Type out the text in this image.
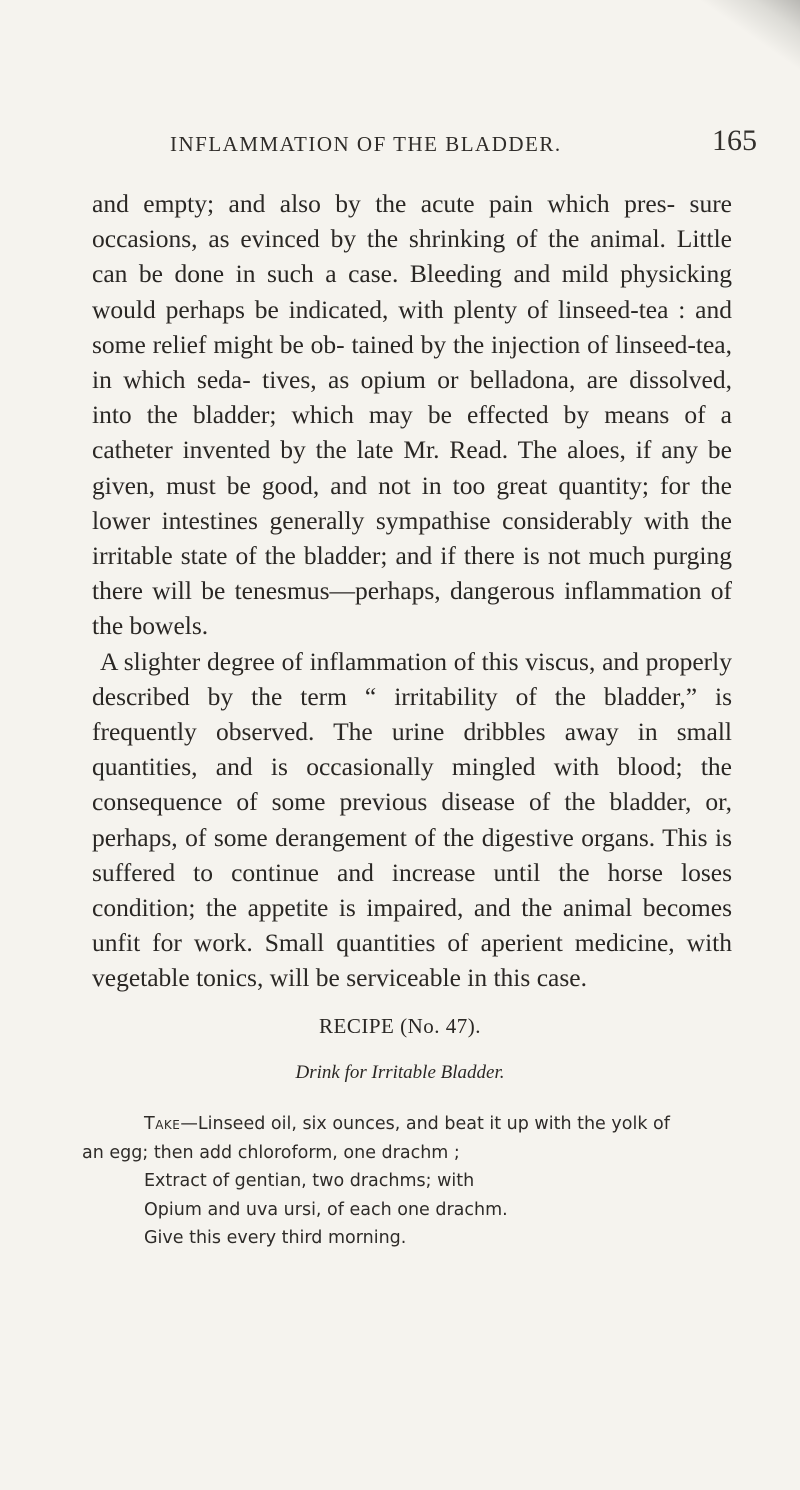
INFLAMMATION OF THE BLADDER.	165

and empty; and also by the acute pain which pres- sure occasions, as evinced by the shrinking of the animal. Little can be done in such a case. Bleeding and mild physicking would perhaps be indicated, with plenty of linseed-tea : and some relief might be ob- tained by the injection of linseed-tea, in which seda- tives, as opium or belladona, are dissolved, into the bladder; which may be effected by means of a catheter invented by the late Mr. Read. The aloes, if any be given, must be good, and not in too great quantity; for the lower intestines generally sympathise considerably with the irritable state of the bladder; and if there is not much purging there will be tenesmus—perhaps, dangerous inflammation of the bowels.

A slighter degree of inflammation of this viscus, and properly described by the term “ irritability of the bladder,” is frequently observed. The urine dribbles away in small quantities, and is occasionally mingled with blood; the consequence of some previous disease of the bladder, or, perhaps, of some derangement of the digestive organs. This is suffered to continue and increase until the horse loses condition; the appetite is impaired, and the animal becomes unfit for work. Small quantities of aperient medicine, with vegetable tonics, will be serviceable in this case.

RECIPE (No. 47).
Drink for Irritable Bladder.
Take—Linseed oil, six ounces, and beat it up with the yolk of
an egg; then add chloroform, one drachm ;
Extract of gentian, two drachms; with
Opium and uva ursi, of each one drachm.
Give this every third morning.
